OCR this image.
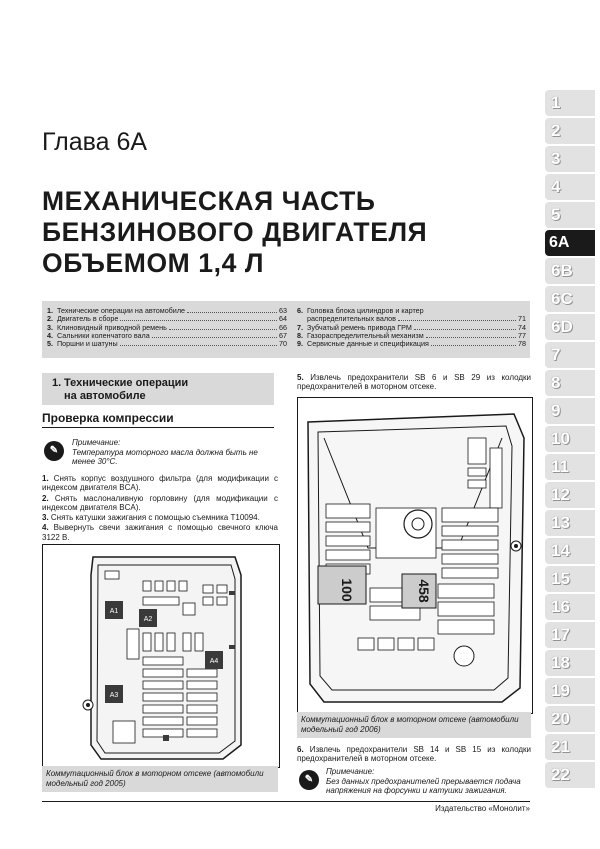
Глава 6А
МЕХАНИЧЕСКАЯ ЧАСТЬ
БЕНЗИНОВОГО ДВИГАТЕЛЯ
ОБЪЕМОМ 1,4 Л
1. Технические операции на автомобиле	63
2. Двигатель в сборе	64
3. Клиновидный приводной ремень	66
4. Сальники коленчатого вала	67
5. Поршни и шатуны	70
6. Головка блока цилиндров и картер
распределительных валов	71
7. Зубчатый ремень привода ГРМ	74
8. Газораспределительный механизм	77
9. Сервисные данные и спецификация	78
1
2
3
4
5
6A
6B
6C
6D
7
8
9
10
11
12
13
14
15
16
17
18
19
20
21
22
1. Технические операции
на автомобиле
Проверка компрессии
✎
Примечание:
Температура моторного масла должна быть не менее 30°С.

1. Снять корпус воздушного фильтра (для модификации с индексом двигателя BCA).

2. Снять маслоналивную горловину (для модификации с индексом двигателя BCA).

3. Снять катушки зажигания с помощью съемника T10094.

4. Вывернуть свечи зажигания с помощью свечного ключа 3122 B.

A1
A2
A3
A4
Коммутационный блок в моторном отсеке (автомобили модельный год 2005)
5. Извлечь предохранители SB 6 и SB 29 из колодки предохранителей в моторном отсеке.
100	458
Коммутационный блок в моторном отсеке (автомобили модельный год 2006)
6. Извлечь предохранители SB 14 и SB 15 из колодки предохранителей в моторном отсеке.
✎
Примечание:
Без данных предохранителей прерывается подача напряжения на форсунки и катушки зажигания.
Издательство «Монолит»
